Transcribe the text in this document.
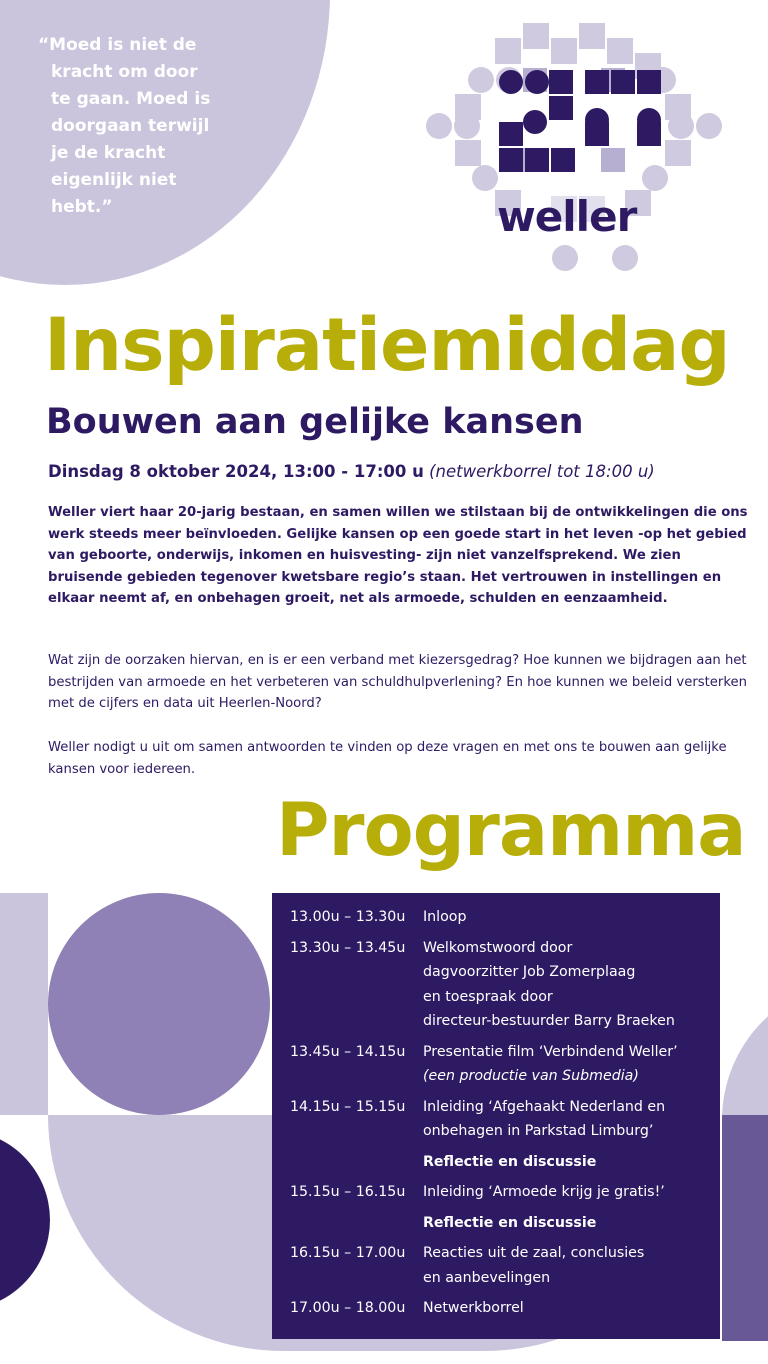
“Moed is niet de
kracht om door
te gaan. Moed is
doorgaan terwijl
je de kracht
eigenlijk niet
hebt.”	weller
Inspiratiemiddag
Bouwen aan gelijke kansen
Dinsdag 8 oktober 2024, 13:00 - 17:00 u (netwerkborrel tot 18:00 u)

Weller viert haar 20-jarig bestaan, en samen willen we stilstaan bij de ontwikkelingen die ons werk steeds meer beïnvloeden. Gelijke kansen op een goede start in het leven -op het gebied van geboorte, onderwijs, inkomen en huisvesting- zijn niet vanzelfsprekend. We zien bruisende gebieden tegenover kwetsbare regio’s staan. Het vertrouwen in instellingen en elkaar neemt af, en onbehagen groeit, net als armoede, schulden en eenzaamheid.

Wat zijn de oorzaken hiervan, en is er een verband met kiezersgedrag? Hoe kunnen we bijdragen aan het bestrijden van armoede en het verbeteren van schuldhulpverlening? En hoe kunnen we beleid versterken met de cijfers en data uit Heerlen-Noord?

Weller nodigt u uit om samen antwoorden te vinden op deze vragen en met ons te bouwen aan gelijke kansen voor iedereen.

Programma
13.00u – 13.30u	Inloop
13.30u – 13.45u	Welkomstwoord door
dagvoorzitter Job Zomerplaag
en toespraak door
directeur-bestuurder Barry Braeken
13.45u – 14.15u	Presentatie film ‘Verbindend Weller’
(een productie van Submedia)
14.15u – 15.15u	Inleiding ‘Afgehaakt Nederland en
onbehagen in Parkstad Limburg’
Reflectie en discussie
15.15u – 16.15u	Inleiding ‘Armoede krijg je gratis!’
Reflectie en discussie
16.15u – 17.00u	Reacties uit de zaal, conclusies
en aanbevelingen
17.00u – 18.00u	Netwerkborrel
